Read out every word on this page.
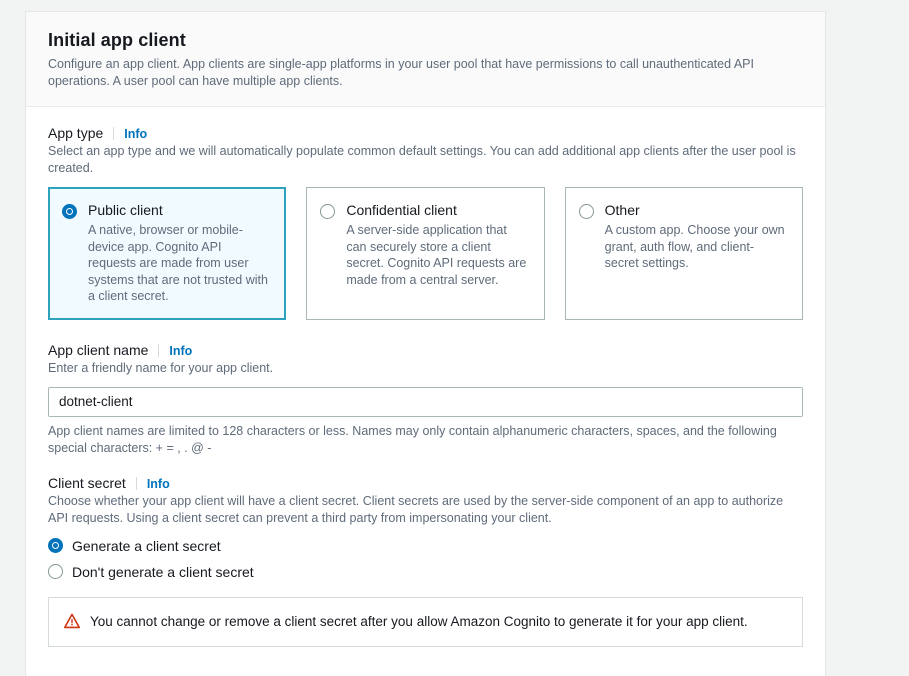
Initial app client

Configure an app client. App clients are single-app platforms in your user pool that have permissions to call unauthenticated API operations. A user pool can have multiple app clients.

App type Info

Select an app type and we will automatically populate common default settings. You can add additional app clients after the user pool is created.

Public client
A native, browser or mobile-device app. Cognito API requests are made from user systems that are not trusted with a client secret.
Confidential client
A server-side application that can securely store a client secret. Cognito API requests are made from a central server.
Other
A custom app. Choose your own grant, auth flow, and client-secret settings.
App client name Info

Enter a friendly name for your app client.

dotnet-client

App client names are limited to 128 characters or less. Names may only contain alphanumeric characters, spaces, and the following special characters: + = , . @ -

Client secret Info

Choose whether your app client will have a client secret. Client secrets are used by the server-side component of an app to authorize API requests. Using a client secret can prevent a third party from impersonating your client.

Generate a client secret
Don't generate a client secret
You cannot change or remove a client secret after you allow Amazon Cognito to generate it for your app client.
